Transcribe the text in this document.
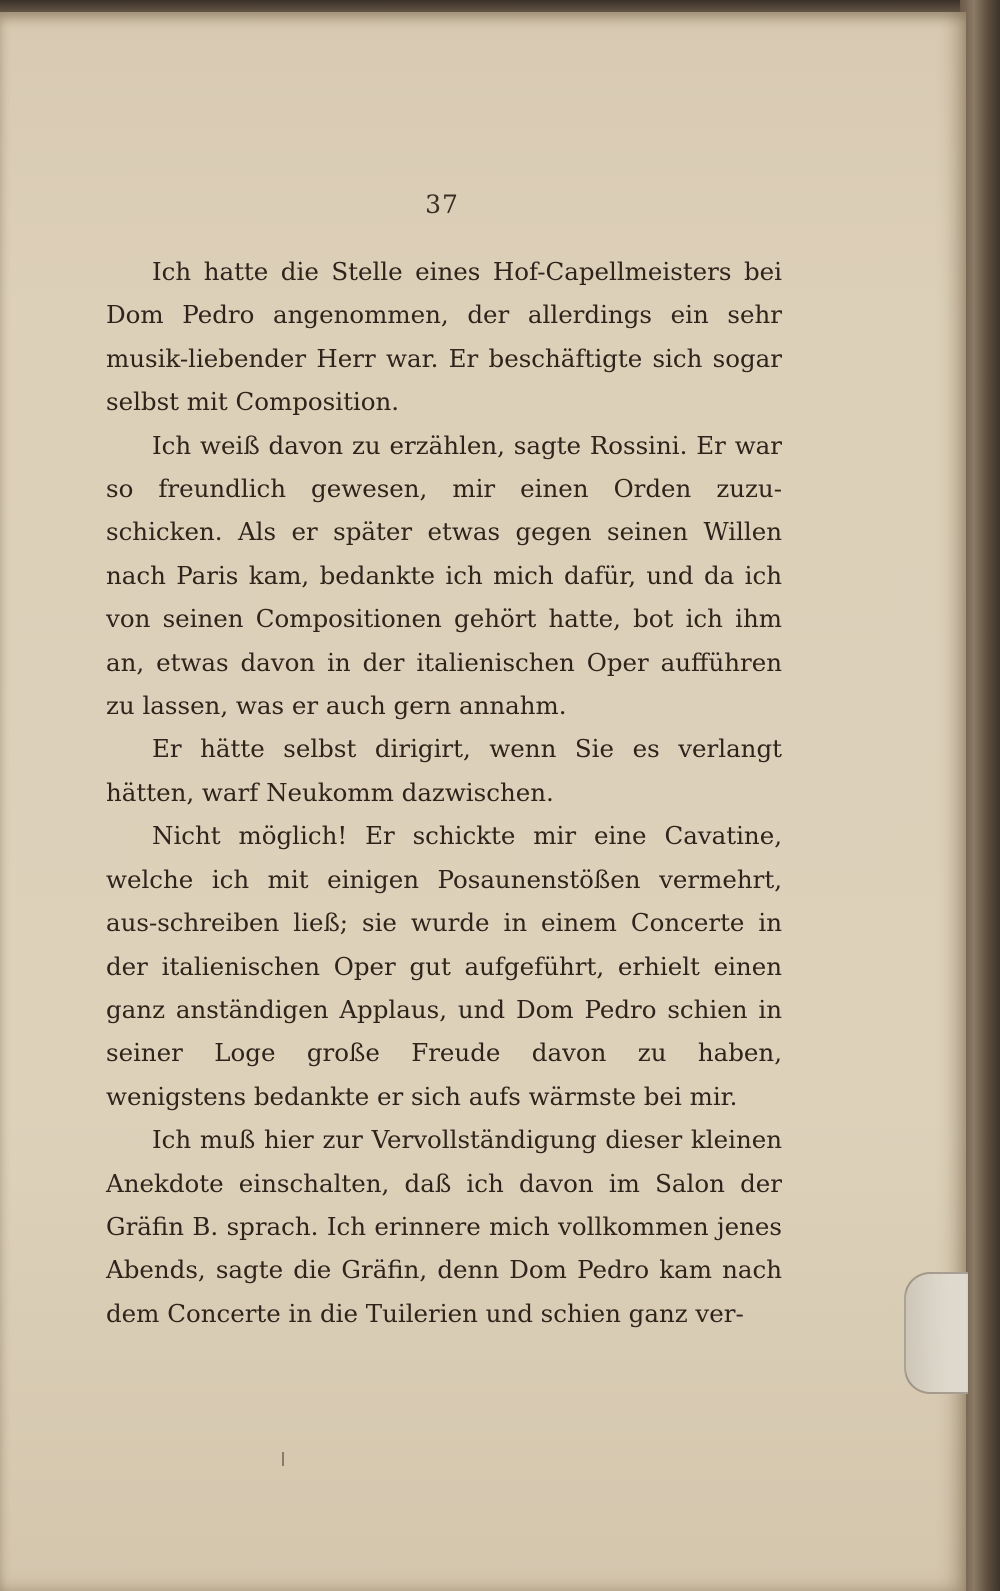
37

Ich hatte die Stelle eines Hof-Capellmeisters bei Dom Pedro angenommen, der allerdings ein sehr musik-liebender Herr war. Er beschäftigte sich sogar selbst mit Composition.

Ich weiß davon zu erzählen, sagte Rossini. Er war so freundlich gewesen, mir einen Orden zuzu-schicken. Als er später etwas gegen seinen Willen nach Paris kam, bedankte ich mich dafür, und da ich von seinen Compositionen gehört hatte, bot ich ihm an, etwas davon in der italienischen Oper aufführen zu lassen, was er auch gern annahm.

Er hätte selbst dirigirt, wenn Sie es verlangt hätten, warf Neukomm dazwischen.

Nicht möglich! Er schickte mir eine Cavatine, welche ich mit einigen Posaunenstößen vermehrt, aus-schreiben ließ; sie wurde in einem Concerte in der italienischen Oper gut aufgeführt, erhielt einen ganz anständigen Applaus, und Dom Pedro schien in seiner Loge große Freude davon zu haben, wenigstens bedankte er sich aufs wärmste bei mir.

Ich muß hier zur Vervollständigung dieser kleinen Anekdote einschalten, daß ich davon im Salon der Gräfin B. sprach. Ich erinnere mich vollkommen jenes Abends, sagte die Gräfin, denn Dom Pedro kam nach dem Concerte in die Tuilerien und schien ganz ver-
